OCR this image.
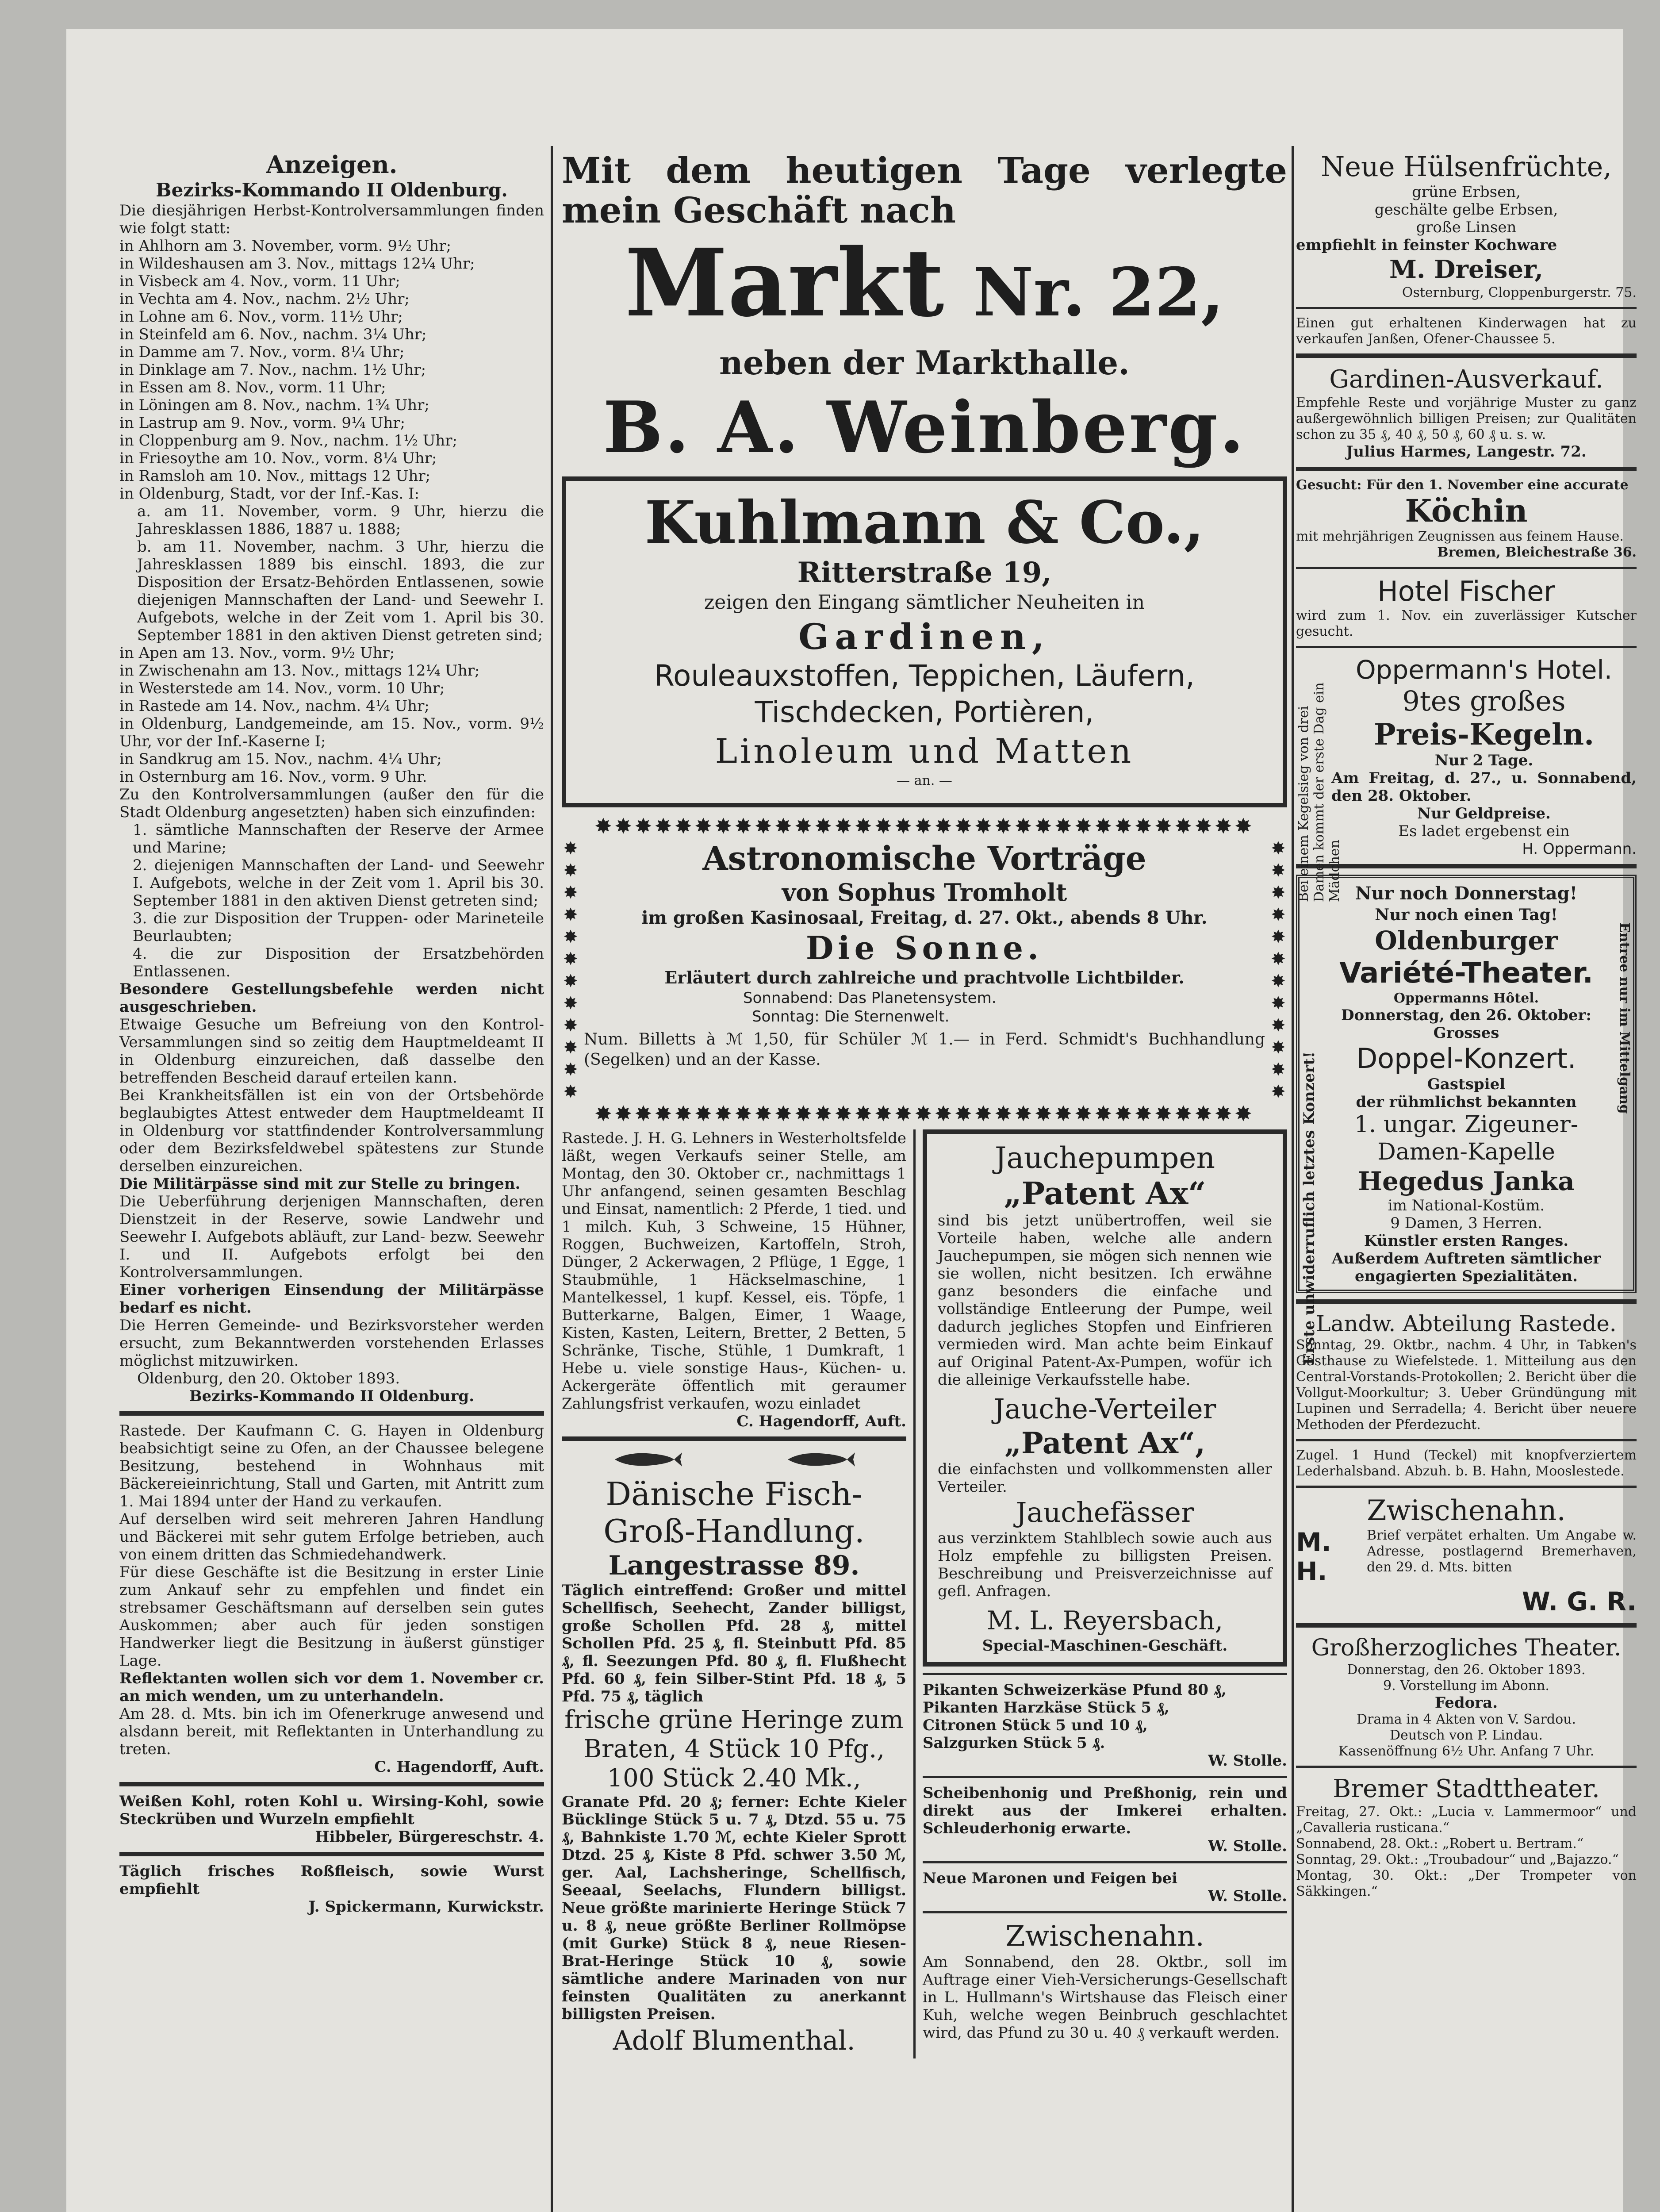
Anzeigen.
Bezirks-Kommando II Oldenburg.

Die diesjährigen Herbst-Kontrolversammlungen finden wie folgt statt:

in Ahlhorn am 3. November, vorm. 9½ Uhr;
in Wildeshausen am 3. Nov., mittags 12¼ Uhr;
in Visbeck am 4. Nov., vorm. 11 Uhr;
in Vechta am 4. Nov., nachm. 2½ Uhr;
in Lohne am 6. Nov., vorm. 11½ Uhr;
in Steinfeld am 6. Nov., nachm. 3¼ Uhr;
in Damme am 7. Nov., vorm. 8¼ Uhr;
in Dinklage am 7. Nov., nachm. 1½ Uhr;
in Essen am 8. Nov., vorm. 11 Uhr;
in Löningen am 8. Nov., nachm. 1¾ Uhr;
in Lastrup am 9. Nov., vorm. 9¼ Uhr;
in Cloppenburg am 9. Nov., nachm. 1½ Uhr;
in Friesoythe am 10. Nov., vorm. 8¼ Uhr;
in Ramsloh am 10. Nov., mittags 12 Uhr;
in Oldenburg, Stadt, vor der Inf.-Kas. I:

a. am 11. November, vorm. 9 Uhr, hierzu die Jahresklassen 1886, 1887 u. 1888;

b. am 11. November, nachm. 3 Uhr, hierzu die Jahresklassen 1889 bis einschl. 1893, die zur Disposition der Ersatz-Behörden Entlassenen, sowie diejenigen Mannschaften der Land- und Seewehr I. Aufgebots, welche in der Zeit vom 1. April bis 30. September 1881 in den aktiven Dienst getreten sind;

in Apen am 13. Nov., vorm. 9½ Uhr;
in Zwischenahn am 13. Nov., mittags 12¼ Uhr;
in Westerstede am 14. Nov., vorm. 10 Uhr;
in Rastede am 14. Nov., nachm. 4¼ Uhr;
in Oldenburg, Landgemeinde, am 15. Nov., vorm. 9½ Uhr, vor der Inf.-Kaserne I;
in Sandkrug am 15. Nov., nachm. 4¼ Uhr;
in Osternburg am 16. Nov., vorm. 9 Uhr.

Zu den Kontrolversammlungen (außer den für die Stadt Oldenburg angesetzten) haben sich einzufinden:

1. sämtliche Mannschaften der Reserve der Armee und Marine;

2. diejenigen Mannschaften der Land- und Seewehr I. Aufgebots, welche in der Zeit vom 1. April bis 30. September 1881 in den aktiven Dienst getreten sind;

3. die zur Disposition der Truppen- oder Marineteile Beurlaubten;

4. die zur Disposition der Ersatzbehörden Entlassenen.

Besondere Gestellungsbefehle werden nicht ausgeschrieben.

Etwaige Gesuche um Befreiung von den Kontrol-Versammlungen sind so zeitig dem Hauptmeldeamt II in Oldenburg einzureichen, daß dasselbe den betreffenden Bescheid darauf erteilen kann.

Bei Krankheitsfällen ist ein von der Ortsbehörde beglaubigtes Attest entweder dem Hauptmeldeamt II in Oldenburg vor stattfindender Kontrolversammlung oder dem Bezirksfeldwebel spätestens zur Stunde derselben einzureichen.

Die Militärpässe sind mit zur Stelle zu bringen.

Die Ueberführung derjenigen Mannschaften, deren Dienstzeit in der Reserve, sowie Landwehr und Seewehr I. Aufgebots abläuft, zur Land- bezw. Seewehr I. und II. Aufgebots erfolgt bei den Kontrolversammlungen.

Einer vorherigen Einsendung der Militärpässe bedarf es nicht.

Die Herren Gemeinde- und Bezirksvorsteher werden ersucht, zum Bekanntwerden vorstehenden Erlasses möglichst mitzuwirken.

Oldenburg, den 20. Oktober 1893.

Bezirks-Kommando II Oldenburg.

Rastede. Der Kaufmann C. G. Hayen in Oldenburg beabsichtigt seine zu Ofen, an der Chaussee belegene Besitzung, bestehend in Wohnhaus mit Bäckereieinrichtung, Stall und Garten, mit Antritt zum 1. Mai 1894 unter der Hand zu verkaufen.

Auf derselben wird seit mehreren Jahren Handlung und Bäckerei mit sehr gutem Erfolge betrieben, auch von einem dritten das Schmiedehandwerk.

Für diese Geschäfte ist die Besitzung in erster Linie zum Ankauf sehr zu empfehlen und findet ein strebsamer Geschäftsmann auf derselben sein gutes Auskommen; aber auch für jeden sonstigen Handwerker liegt die Besitzung in äußerst günstiger Lage.

Reflektanten wollen sich vor dem 1. November cr. an mich wenden, um zu unterhandeln.

Am 28. d. Mts. bin ich im Ofenerkruge anwesend und alsdann bereit, mit Reflektanten in Unterhandlung zu treten.

C. Hagendorff, Auft.

Weißen Kohl, roten Kohl u. Wirsing-Kohl, sowie Steckrüben und Wurzeln empfiehlt

Hibbeler, Bürgereschstr. 4.

Täglich frisches Roßfleisch, sowie Wurst empfiehlt

J. Spickermann, Kurwickstr.
Mit dem heutigen Tage verlegte
mein Geschäft nach
Markt Nr. 22,
neben der Markthalle.
B. A. Weinberg.
Kuhlmann & Co.,
Ritterstraße 19,
zeigen den Eingang sämtlicher Neuheiten in
Gardinen,
Rouleauxstoffen, Teppichen, Läufern, Tischdecken, Portièren,
Linoleum und Matten
— an. —
✸✸✸✸✸✸✸✸✸✸✸✸✸✸✸✸✸✸✸✸✸✸✸✸✸✸✸✸✸✸✸✸✸
✸
✸
✸
✸
✸
✸
✸
✸
✸
✸
✸
✸
Astronomische Vorträge
von Sophus Tromholt
im großen Kasinosaal, Freitag, d. 27. Okt., abends 8 Uhr.
Die Sonne.
Erläutert durch zahlreiche und prachtvolle Lichtbilder.
Sonnabend: Das Planetensystem.
Sonntag: Die Sternenwelt.

Num. Billetts à ℳ 1,50, für Schüler ℳ 1.— in Ferd. Schmidt's Buchhandlung (Segelken) und an der Kasse.

✸
✸
✸
✸
✸
✸
✸
✸
✸
✸
✸
✸
✸✸✸✸✸✸✸✸✸✸✸✸✸✸✸✸✸✸✸✸✸✸✸✸✸✸✸✸✸✸✸✸✸

Rastede. J. H. G. Lehners in Westerholtsfelde läßt, wegen Verkaufs seiner Stelle, am Montag, den 30. Oktober cr., nachmittags 1 Uhr anfangend, seinen gesamten Beschlag und Einsat, namentlich: 2 Pferde, 1 tied. und 1 milch. Kuh, 3 Schweine, 15 Hühner, Roggen, Buchweizen, Kartoffeln, Stroh, Dünger, 2 Ackerwagen, 2 Pflüge, 1 Egge, 1 Staubmühle, 1 Häckselmaschine, 1 Mantelkessel, 1 kupf. Kessel, eis. Töpfe, 1 Butterkarne, Balgen, Eimer, 1 Waage, Kisten, Kasten, Leitern, Bretter, 2 Betten, 5 Schränke, Tische, Stühle, 1 Dumkraft, 1 Hebe u. viele sonstige Haus-, Küchen- u. Ackergeräte öffentlich mit geraumer Zahlungsfrist verkaufen, wozu einladet

C. Hagendorff, Auft.

Dänische Fisch-Groß-Handlung.
Langestrasse 89.

Täglich eintreffend: Großer und mittel Schellfisch, Seehecht, Zander billigst, große Schollen Pfd. 28 ₰, mittel Schollen Pfd. 25 ₰, fl. Steinbutt Pfd. 85 ₰, fl. Seezungen Pfd. 80 ₰, fl. Flußhecht Pfd. 60 ₰, fein Silber-Stint Pfd. 18 ₰, 5 Pfd. 75 ₰, täglich

frische grüne Heringe zum Braten, 4 Stück 10 Pfg., 100 Stück 2.40 Mk.,

Granate Pfd. 20 ₰; ferner: Echte Kieler Bücklinge Stück 5 u. 7 ₰, Dtzd. 55 u. 75 ₰, Bahnkiste 1.70 ℳ, echte Kieler Sprott Dtzd. 25 ₰, Kiste 8 Pfd. schwer 3.50 ℳ, ger. Aal, Lachsheringe, Schellfisch, Seeaal, Seelachs, Flundern billigst. Neue größte marinierte Heringe Stück 7 u. 8 ₰, neue größte Berliner Rollmöpse (mit Gurke) Stück 8 ₰, neue Riesen-Brat-Heringe Stück 10 ₰, sowie sämtliche andere Marinaden von nur feinsten Qualitäten zu anerkannt billigsten Preisen.

Adolf Blumenthal.
Jauchepumpen
„Patent Ax“

sind bis jetzt unübertroffen, weil sie Vorteile haben, welche alle andern Jauchepumpen, sie mögen sich nennen wie sie wollen, nicht besitzen. Ich erwähne ganz besonders die einfache und vollständige Entleerung der Pumpe, weil dadurch jegliches Stopfen und Einfrieren vermieden wird. Man achte beim Einkauf auf Original Patent-Ax-Pumpen, wofür ich die alleinige Verkaufsstelle habe.

Jauche-Verteiler
„Patent Ax“,

die einfachsten und vollkommensten aller Verteiler.

Jauchefässer

aus verzinktem Stahlblech sowie auch aus Holz empfehle zu billigsten Preisen. Beschreibung und Preisverzeichnisse auf gefl. Anfragen.

M. L. Reyersbach,
Special-Maschinen-Geschäft.
Pikanten Schweizerkäse Pfund 80 ₰,
Pikanten Harzkäse Stück 5 ₰,
Citronen Stück 5 und 10 ₰,
Salzgurken Stück 5 ₰.
W. Stolle.

Scheibenhonig und Preßhonig, rein und direkt aus der Imkerei erhalten. Schleuderhonig erwarte.

W. Stolle.
Neue Maronen und Feigen bei
W. Stolle.
Zwischenahn.

Am Sonnabend, den 28. Oktbr., soll im Auftrage einer Vieh-Versicherungs-Gesellschaft in L. Hullmann's Wirtshause das Fleisch einer Kuh, welche wegen Beinbruch geschlachtet wird, das Pfund zu 30 u. 40 ₰ verkauft werden.

Neue Hülsenfrüchte,
grüne Erbsen,
geschälte gelbe Erbsen,
große Linsen
empfiehlt in feinster Kochware
M. Dreiser,
Osternburg, Cloppenburgerstr. 75.

Einen gut erhaltenen Kinderwagen hat zu verkaufen Janßen, Ofener-Chaussee 5.

Gardinen-Ausverkauf.

Empfehle Reste und vorjährige Muster zu ganz außergewöhnlich billigen Preisen; zur Qualitäten schon zu 35 ₰, 40 ₰, 50 ₰, 60 ₰ u. s. w.

Julius Harmes, Langestr. 72.

Gesucht: Für den 1. November eine accurate

Köchin

mit mehrjährigen Zeugnissen aus feinem Hause.

Bremen, Bleichestraße 36.
Hotel Fischer

wird zum 1. Nov. ein zuverlässiger Kutscher gesucht.

Bei einem Kegelsieg von drei Damen kommt der erste Dag ein Mädchen
Oppermann's Hotel.
9tes großes
Preis-Kegeln.
Nur 2 Tage.

Am Freitag, d. 27., u. Sonnabend, den 28. Oktober.

Nur Geldpreise.
Es ladet ergebenst ein
H. Oppermann.
Erste unwiderruflich letztes Konzert!
Entree nur im Mittelgang
Nur noch Donnerstag!
Nur noch einen Tag!
Oldenburger
Variété-Theater.
Oppermanns Hôtel.
Donnerstag, den 26. Oktober:
Grosses
Doppel-Konzert.
Gastspiel
der rühmlichst bekannten
1. ungar. Zigeuner-Damen-Kapelle
Hegedus Janka
im National-Kostüm.
9 Damen, 3 Herren.
Künstler ersten Ranges.

Außerdem Auftreten sämtlicher engagierten Spezialitäten.

Landw. Abteilung Rastede.

Sonntag, 29. Oktbr., nachm. 4 Uhr, in Tabken's Gasthause zu Wiefelstede. 1. Mitteilung aus den Central-Vorstands-Protokollen; 2. Bericht über die Vollgut-Moorkultur; 3. Ueber Gründüngung mit Lupinen und Serradella; 4. Bericht über neuere Methoden der Pferdezucht.

Zugel. 1 Hund (Teckel) mit knopfverziertem Lederhalsband. Abzuh. b. B. Hahn, Mooslestede.

Zwischenahn.
M. H.

Brief verpätet erhalten. Um Angabe w. Adresse, postlagernd Bremerhaven, den 29. d. Mts. bitten

W. G. R.
Großherzogliches Theater.
Donnerstag, den 26. Oktober 1893.
9. Vorstellung im Abonn.
Fedora.
Drama in 4 Akten von V. Sardou.
Deutsch von P. Lindau.
Kassenöffnung 6½ Uhr. Anfang 7 Uhr.
Bremer Stadttheater.

Freitag, 27. Okt.: „Lucia v. Lammermoor“ und „Cavalleria rusticana.“

Sonnabend, 28. Okt.: „Robert u. Bertram.“

Sonntag, 29. Okt.: „Troubadour“ und „Bajazzo.“

Montag, 30. Okt.: „Der Trompeter von Säkkingen.“
